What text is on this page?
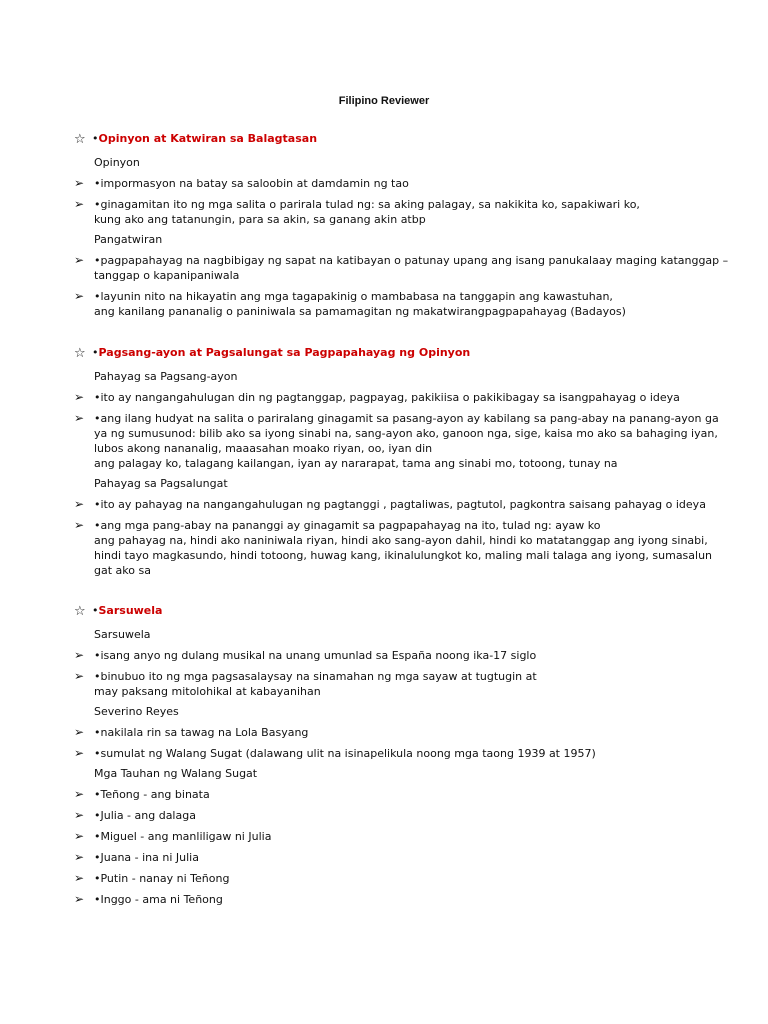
Filipino Reviewer
☆ • Opinyon at Katwiran sa Balagtasan
Opinyon
➢ •impormasyon na batay sa saloobin at damdamin ng tao
➢ •ginagamitan ito ng mga salita o parirala tulad ng: sa aking palagay, sa nakikita ko, sapakiwari ko,
kung ako ang tatanungin, para sa akin, sa ganang akin atbp
Pangatwiran
➢ •pagpapahayag na nagbibigay ng sapat na katibayan o patunay upang ang isang panukalaay maging katanggap –
tanggap o kapanipaniwala
➢ •layunin nito na hikayatin ang mga tagapakinig o mambabasa na tanggapin ang kawastuhan,
ang kanilang pananalig o paniniwala sa pamamagitan ng makatwirangpagpapahayag (Badayos)
☆ • Pagsang-ayon at Pagsalungat sa Pagpapahayag ng Opinyon
Pahayag sa Pagsang-ayon
➢ •ito ay nangangahulugan din ng pagtanggap, pagpayag, pakikiisa o pakikibagay sa isangpahayag o ideya
➢ •ang ilang hudyat na salita o pariralang ginagamit sa pasang-ayon ay kabilang sa pang-abay na panang-ayon ga
ya ng sumusunod: bilib ako sa iyong sinabi na, sang-ayon ako, ganoon nga, sige, kaisa mo ako sa bahaging iyan,
lubos akong nananalig, maaasahan moako riyan, oo, iyan din
ang palagay ko, talagang kailangan, iyan ay nararapat, tama ang sinabi mo, totoong, tunay na
Pahayag sa Pagsalungat
➢ •ito ay pahayag na nangangahulugan ng pagtanggi , pagtaliwas, pagtutol, pagkontra saisang pahayag o ideya
➢ •ang mga pang-abay na pananggi ay ginagamit sa pagpapahayag na ito, tulad ng: ayaw ko
ang pahayag na, hindi ako naniniwala riyan, hindi ako sang-ayon dahil, hindi ko matatanggap ang iyong sinabi,
hindi tayo magkasundo, hindi totoong, huwag kang, ikinalulungkot ko, maling mali talaga ang iyong, sumasalun
gat ako sa
☆ • Sarsuwela
Sarsuwela
➢ •isang anyo ng dulang musikal na unang umunlad sa España noong ika-17 siglo
➢ •binubuo ito ng mga pagsasalaysay na sinamahan ng mga sayaw at tugtugin at
may paksang mitolohikal at kabayanihan
Severino Reyes
➢ •nakilala rin sa tawag na Lola Basyang
➢ •sumulat ng Walang Sugat (dalawang ulit na isinapelikula noong mga taong 1939 at 1957)
Mga Tauhan ng Walang Sugat
➢ •Teñong - ang binata
➢ •Julia - ang dalaga
➢ •Miguel - ang manliligaw ni Julia
➢ •Juana - ina ni Julia
➢ •Putin - nanay ni Teñong
➢ •Inggo - ama ni Teñong
